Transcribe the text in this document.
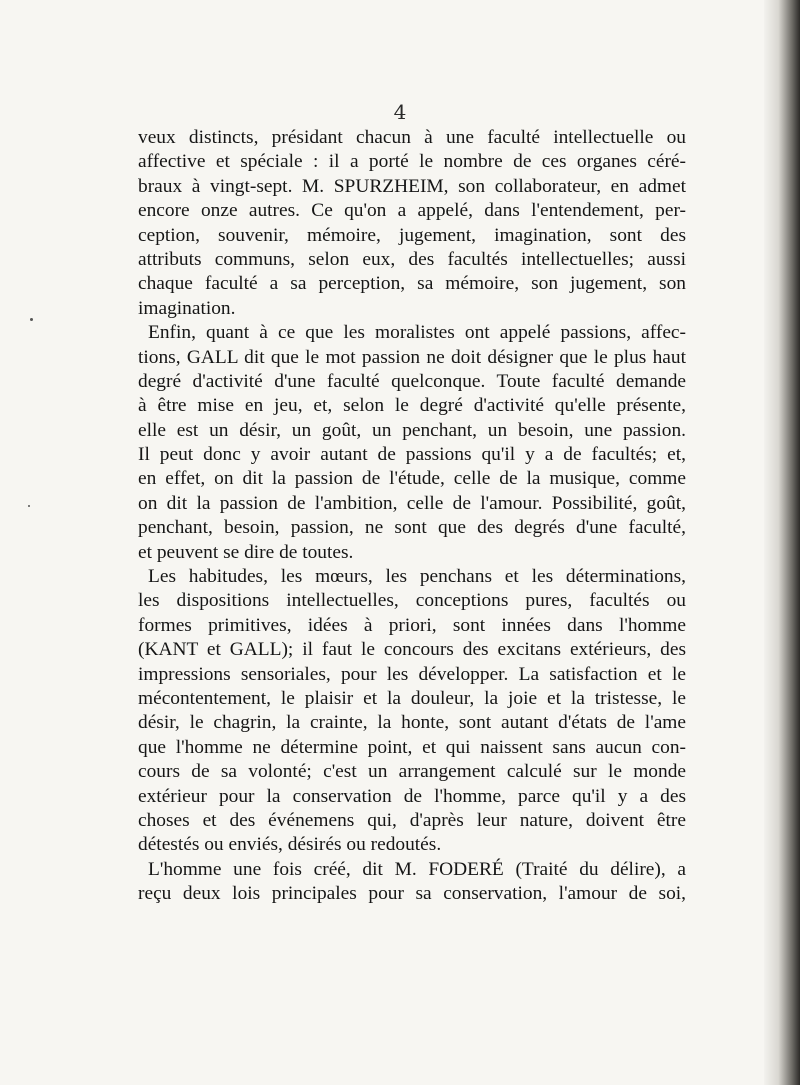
4
veux distincts, présidant chacun à une faculté intellectuelle ou
affective et spéciale : il a porté le nombre de ces organes céré-
braux à vingt-sept. M. SPURZHEIM, son collaborateur, en admet
encore onze autres. Ce qu'on a appelé, dans l'entendement, per-
ception, souvenir, mémoire, jugement, imagination, sont des
attributs communs, selon eux, des facultés intellectuelles; aussi
chaque faculté a sa perception, sa mémoire, son jugement, son
imagination.
Enfin, quant à ce que les moralistes ont appelé passions, affec-
tions, GALL dit que le mot passion ne doit désigner que le plus haut
degré d'activité d'une faculté quelconque. Toute faculté demande
à être mise en jeu, et, selon le degré d'activité qu'elle présente,
elle est un désir, un goût, un penchant, un besoin, une passion.
Il peut donc y avoir autant de passions qu'il y a de facultés; et,
en effet, on dit la passion de l'étude, celle de la musique, comme
on dit la passion de l'ambition, celle de l'amour. Possibilité, goût,
penchant, besoin, passion, ne sont que des degrés d'une faculté,
et peuvent se dire de toutes.
Les habitudes, les mœurs, les penchans et les déterminations,
les dispositions intellectuelles, conceptions pures, facultés ou
formes primitives, idées à priori, sont innées dans l'homme
(KANT et GALL); il faut le concours des excitans extérieurs, des
impressions sensoriales, pour les développer. La satisfaction et le
mécontentement, le plaisir et la douleur, la joie et la tristesse, le
désir, le chagrin, la crainte, la honte, sont autant d'états de l'ame
que l'homme ne détermine point, et qui naissent sans aucun con-
cours de sa volonté; c'est un arrangement calculé sur le monde
extérieur pour la conservation de l'homme, parce qu'il y a des
choses et des événemens qui, d'après leur nature, doivent être
détestés ou enviés, désirés ou redoutés.
L'homme une fois créé, dit M. FODERÉ (Traité du délire), a
reçu deux lois principales pour sa conservation, l'amour de soi,
